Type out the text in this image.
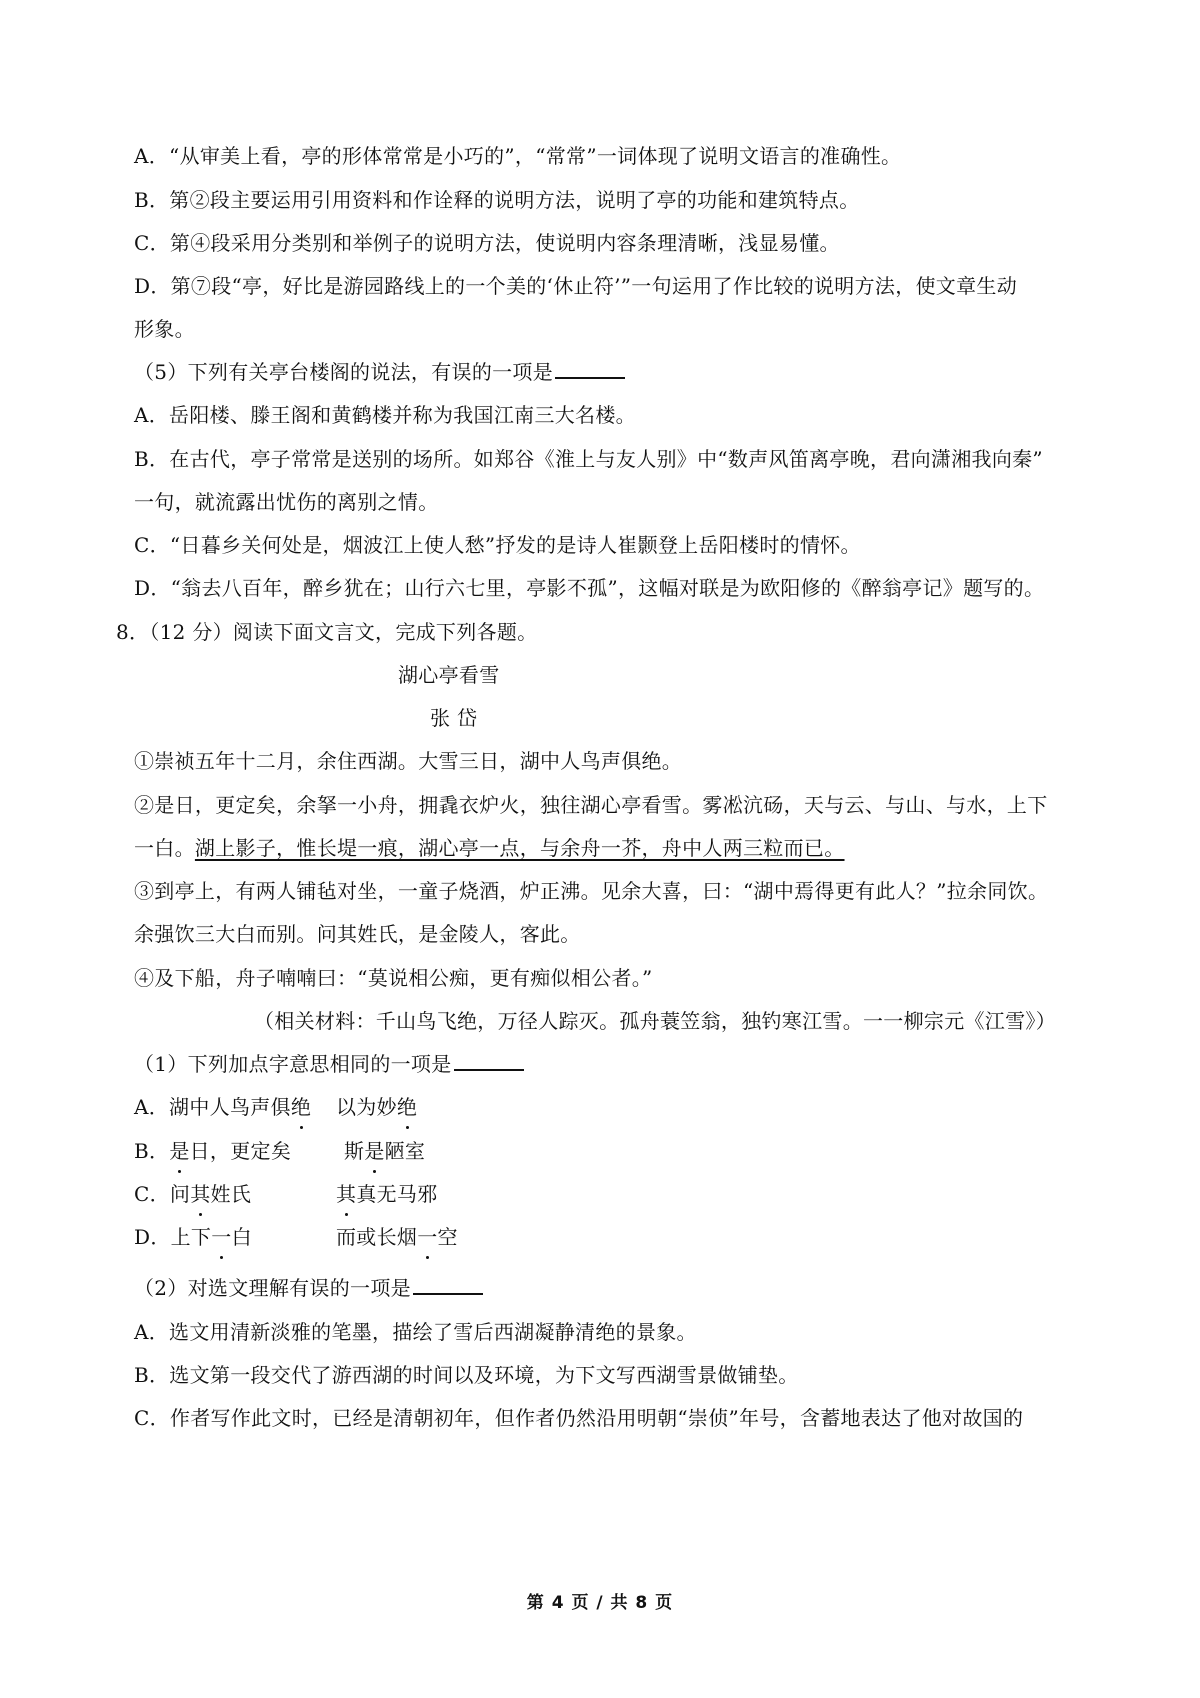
A．“从审美上看，亭的形体常常是小巧的”，“常常”一词体现了说明文语言的准确性。
B．第②段主要运用引用资料和作诠释的说明方法，说明了亭的功能和建筑特点。
C．第④段采用分类别和举例子的说明方法，使说明内容条理清晰，浅显易懂。
D．第⑦段“亭，好比是游园路线上的一个美的‘休止符’”一句运用了作比较的说明方法，使文章生动
形象。
（5）下列有关亭台楼阁的说法，有误的一项是
A．岳阳楼、滕王阁和黄鹤楼并称为我国江南三大名楼。
B．在古代，亭子常常是送别的场所。如郑谷《淮上与友人别》中“数声风笛离亭晚，君向潇湘我向秦”
一句，就流露出忧伤的离别之情。
C．“日暮乡关何处是，烟波江上使人愁”抒发的是诗人崔颢登上岳阳楼时的情怀。
D．“翁去八百年，醉乡犹在；山行六七里，亭影不孤”，这幅对联是为欧阳修的《醉翁亭记》题写的。
8．（12 分）阅读下面文言文，完成下列各题。
湖心亭看雪
张 岱
①崇祯五年十二月，余住西湖。大雪三日，湖中人鸟声俱绝。
②是日，更定矣，余拏一小舟，拥毳衣炉火，独往湖心亭看雪。雾凇沆砀，天与云、与山、与水，上下
一白。湖上影子，惟长堤一痕，湖心亭一点，与余舟一芥，舟中人两三粒而已。
③到亭上，有两人铺毡对坐，一童子烧酒，炉正沸。见余大喜，曰：“湖中焉得更有此人？”拉余同饮。
余强饮三大白而别。问其姓氏，是金陵人，客此。
④及下船，舟子喃喃曰：“莫说相公痴，更有痴似相公者。”
（相关材料：千山鸟飞绝，万径人踪灭。孤舟蓑笠翁，独钓寒江雪。一一柳宗元《江雪》）
（1）下列加点字意思相同的一项是
A．湖中人鸟声俱绝 以为妙绝
B．是日，更定矣	斯是陋室
C．问其姓氏	其真无马邪
D．上下一白	而或长烟一空
（2）对选文理解有误的一项是
A．选文用清新淡雅的笔墨，描绘了雪后西湖凝静清绝的景象。
B．选文第一段交代了游西湖的时间以及环境，为下文写西湖雪景做铺垫。
C．作者写作此文时，已经是清朝初年，但作者仍然沿用明朝“崇侦”年号，含蓄地表达了他对故国的
第 4 页 / 共 8 页
